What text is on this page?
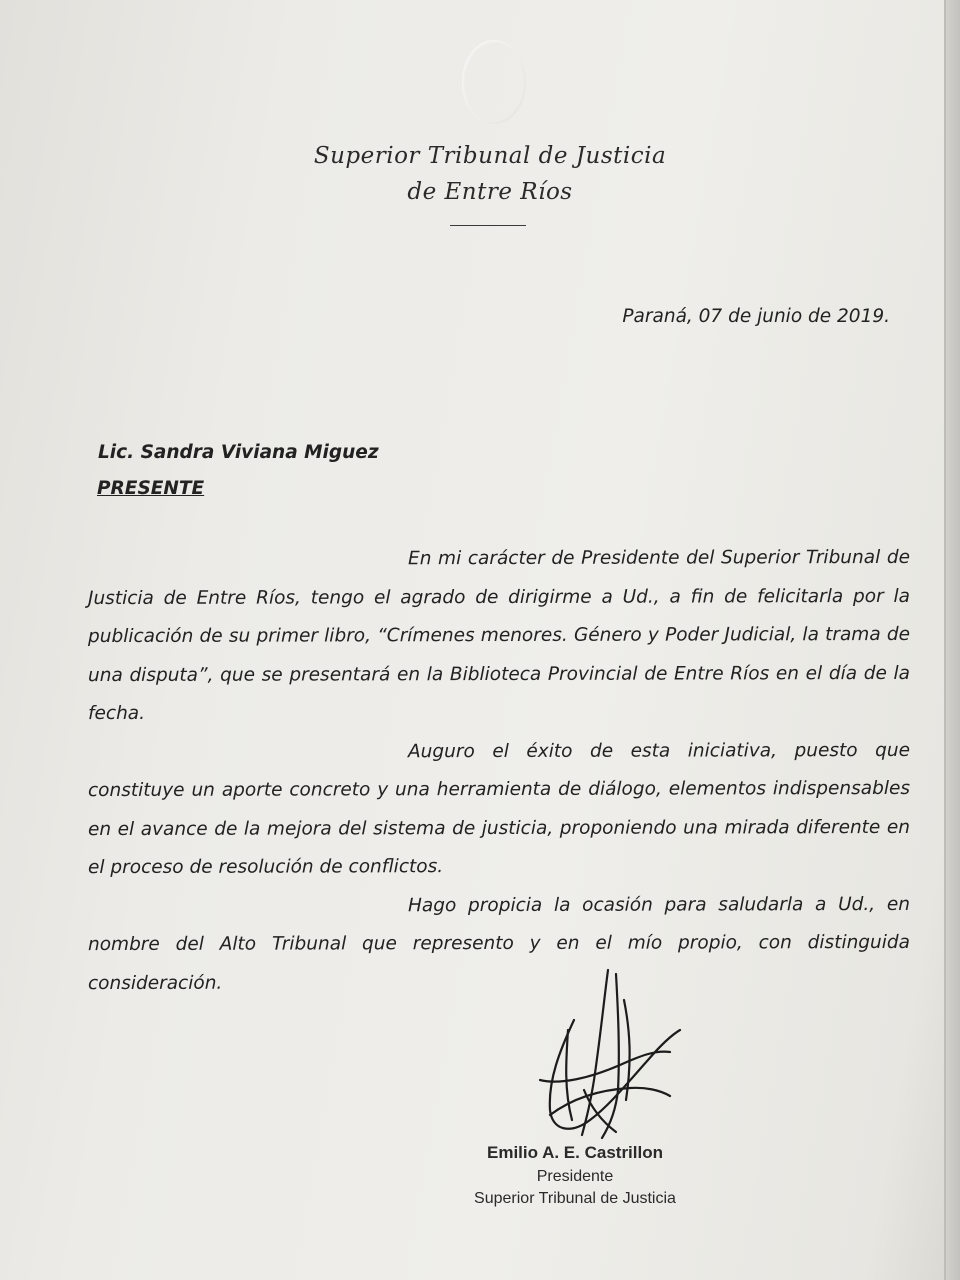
Superior Tribunal de Justicia
de Entre Ríos
Paraná, 07 de junio de 2019.
Lic. Sandra Viviana Miguez
PRESENTE

En mi carácter de Presidente del Superior Tribunal de Justicia de Entre Ríos, tengo el agrado de dirigirme a Ud., a fin de felicitarla por la publicación de su primer libro, “Crímenes menores. Género y Poder Judicial, la trama de una disputa”, que se presentará en la Biblioteca Provincial de Entre Ríos en el día de la fecha.

Auguro el éxito de esta iniciativa, puesto que constituye un aporte concreto y una herramienta de diálogo, elementos indispensables en el avance de la mejora del sistema de justicia, proponiendo una mirada diferente en el proceso de resolución de conflictos.

Hago propicia la ocasión para saludarla a Ud., en nombre del Alto Tribunal que represento y en el mío propio, con distinguida consideración.

Emilio A. E. Castrillon
Presidente
Superior Tribunal de Justicia
